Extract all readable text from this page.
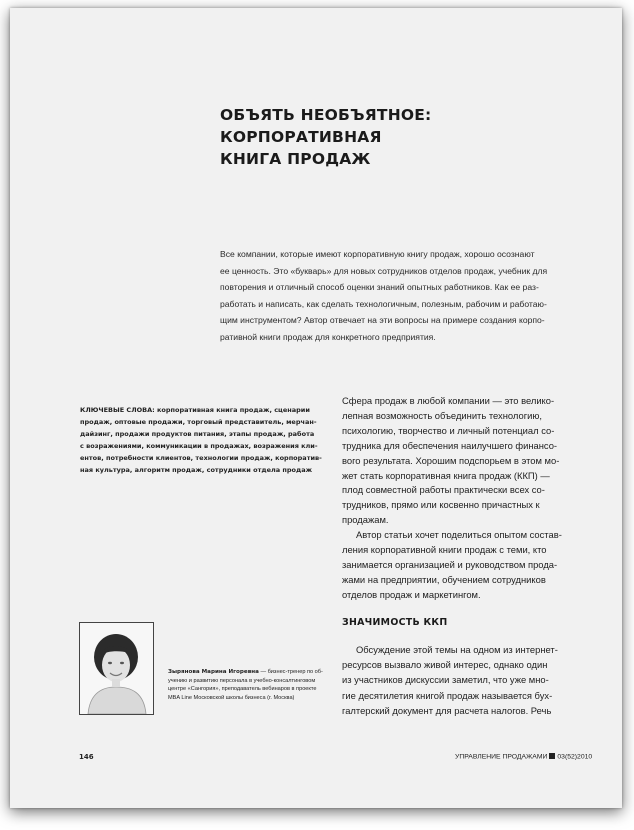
ОБЪЯТЬ НЕОБЪЯТНОЕ: КОРПОРАТИВНАЯ
КНИГА ПРОДАЖ
Все компании, которые имеют корпоративную книгу продаж, хорошо осознают
ее ценность. Это «букварь» для новых сотрудников отделов продаж, учебник для
повторения и отличный способ оценки знаний опытных работников. Как ее раз-
работать и написать, как сделать технологичным, полезным, рабочим и работаю-
щим инструментом? Автор отвечает на эти вопросы на примере создания корпо-
ративной книги продаж для конкретного предприятия.
КЛЮЧЕВЫЕ СЛОВА: корпоративная книга продаж, сценарии
продаж, оптовые продажи, торговый представитель, мерчан-
дайзинг, продажи продуктов питания, этапы продаж, работа
с возражениями, коммуникации в продажах, возражения кли-
ентов, потребности клиентов, технологии продаж, корпоратив-
ная культура, алгоритм продаж, сотрудники отдела продаж
Сфера продаж в любой компании — это велико-
лепная возможность объединить технологию,
психологию, творчество и личный потенциал со-
трудника для обеспечения наилучшего финансо-
вого результата. Хорошим подспорьем в этом мо-
жет стать корпоративная книга продаж (ККП) —
плод совместной работы практически всех со-
трудников, прямо или косвенно причастных к
продажам.
Автор статьи хочет поделиться опытом состав-
ления корпоративной книги продаж с теми, кто
занимается организацией и руководством прода-
жами на предприятии, обучением сотрудников
отделов продаж и маркетингом.
ЗНАЧИМОСТЬ ККП
Обсуждение этой темы на одном из интернет-
ресурсов вызвало живой интерес, однако один
из участников дискуссии заметил, что уже мно-
гие десятилетия книгой продаж называется бух-
галтерский документ для расчета налогов. Речь
Зырянова Марина Игоревна — бизнес-тренер по об-
учению и развитию персонала в учебно-консалтинговом
центре «Сангория», преподаватель вебинаров в проекте
MBA Line Московской школы бизнеса (г. Москва)
146	УПРАВЛЕНИЕ ПРОДАЖАМИ 03(52)2010
